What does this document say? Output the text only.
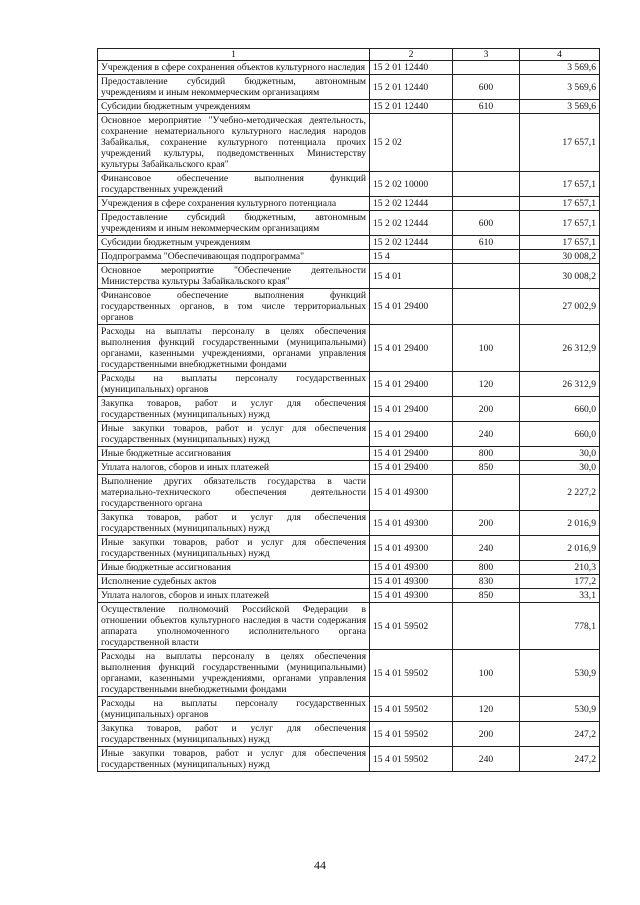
1	2	3	4
Учреждения в сфере сохранения объектов культурного наследия	15 2 01 12440		3 569,6
Предоставление субсидий бюджетным, автономным учреждениям и иным некоммерческим организациям	15 2 01 12440	600	3 569,6
Субсидии бюджетным учреждениям	15 2 01 12440	610	3 569,6
Основное мероприятие "Учебно-методическая деятельность, сохранение нематериального культурного наследия народов Забайкалья, сохранение культурного потенциала прочих учреждений культуры, подведомственных Министерству культуры Забайкальского края"	15 2 02		17 657,1
Финансовое обеспечение выполнения функций государственных учреждений	15 2 02 10000		17 657,1
Учреждения в сфере сохранения культурного потенциала	15 2 02 12444		17 657,1
Предоставление субсидий бюджетным, автономным учреждениям и иным некоммерческим организациям	15 2 02 12444	600	17 657,1
Субсидии бюджетным учреждениям	15 2 02 12444	610	17 657,1
Подпрограмма "Обеспечивающая подпрограмма"	15 4		30 008,2
Основное мероприятие "Обеспечение деятельности Министерства культуры Забайкальского края"	15 4 01		30 008,2
Финансовое обеспечение выполнения функций государственных органов, в том числе территориальных органов	15 4 01 29400		27 002,9
Расходы на выплаты персоналу в целях обеспечения выполнения функций государственными (муниципальными) органами, казенными учреждениями, органами управления государственными внебюджетными фондами	15 4 01 29400	100	26 312,9
Расходы на выплаты персоналу государственных (муниципальных) органов	15 4 01 29400	120	26 312,9
Закупка товаров, работ и услуг для обеспечения государственных (муниципальных) нужд	15 4 01 29400	200	660,0
Иные закупки товаров, работ и услуг для обеспечения государственных (муниципальных) нужд	15 4 01 29400	240	660,0
Иные бюджетные ассигнования	15 4 01 29400	800	30,0
Уплата налогов, сборов и иных платежей	15 4 01 29400	850	30,0
Выполнение других обязательств государства в части материально-технического обеспечения деятельности государственного органа	15 4 01 49300		2 227,2
Закупка товаров, работ и услуг для обеспечения государственных (муниципальных) нужд	15 4 01 49300	200	2 016,9
Иные закупки товаров, работ и услуг для обеспечения государственных (муниципальных) нужд	15 4 01 49300	240	2 016,9
Иные бюджетные ассигнования	15 4 01 49300	800	210,3
Исполнение судебных актов	15 4 01 49300	830	177,2
Уплата налогов, сборов и иных платежей	15 4 01 49300	850	33,1
Осуществление полномочий Российской Федерации в отношении объектов культурного наследия в части содержания аппарата уполномоченного исполнительного органа государственной власти	15 4 01 59502		778,1
Расходы на выплаты персоналу в целях обеспечения выполнения функций государственными (муниципальными) органами, казенными учреждениями, органами управления государственными внебюджетными фондами	15 4 01 59502	100	530,9
Расходы на выплаты персоналу государственных (муниципальных) органов	15 4 01 59502	120	530,9
Закупка товаров, работ и услуг для обеспечения государственных (муниципальных) нужд	15 4 01 59502	200	247,2
Иные закупки товаров, работ и услуг для обеспечения государственных (муниципальных) нужд	15 4 01 59502	240	247,2
44
